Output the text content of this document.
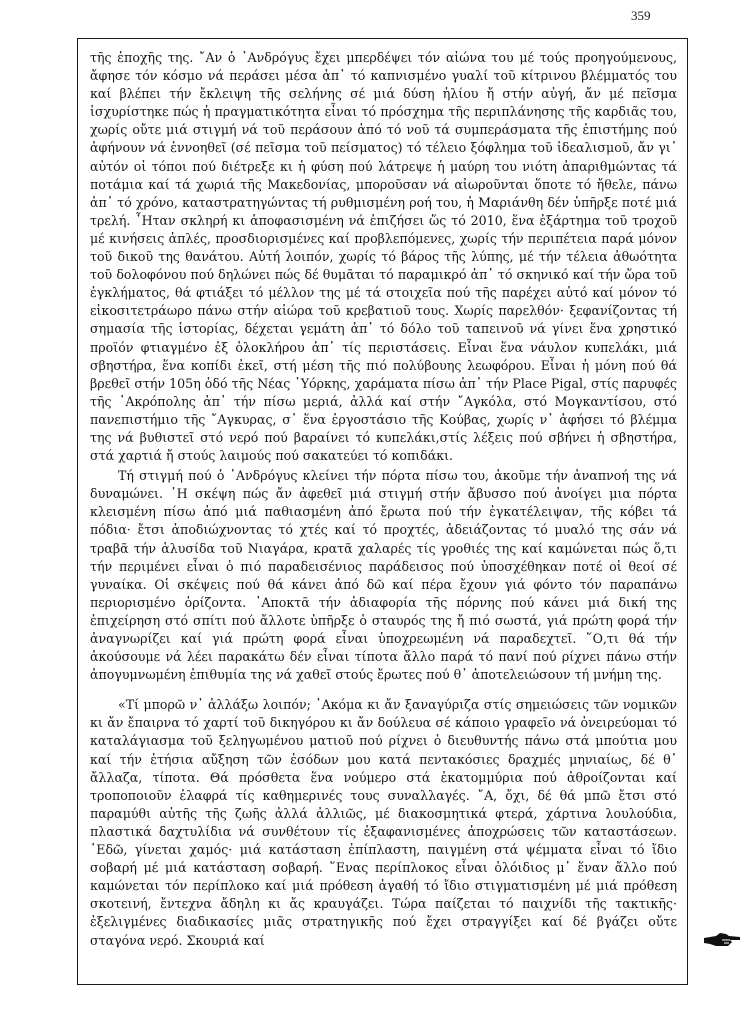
359

τῆς ἐποχῆς της. ῎Αν ὁ ᾿Ανδρόγυς ἔχει μπερδέψει τόν αἰώνα του μέ τούς προηγούμενους, ἄφησε τόν κόσμο νά περάσει μέσα ἀπ᾿ τό καπνισμένο γυαλί τοῦ κίτρινου βλέμματός του καί βλέπει τήν ἔκλειψη τῆς σελήνης σέ μιά δύση ἡλίου ἤ στήν αὐγή, ἄν μέ πεῖσμα ἰσχυρίστηκε πώς ἡ πραγματικότητα εἶναι τό πρόσχημα τῆς περιπλάνησης τῆς καρδιᾶς του, χωρίς οὔτε μιά στιγμή νά τοῦ περάσουν ἀπό τό νοῦ τά συμπεράσματα τῆς ἐπιστήμης πού ἀφήνουν νά ἐννοηθεῖ (σέ πεῖσμα τοῦ πείσματος) τό τέλειο ξόφλημα τοῦ ἰδεαλισμοῦ, ἄν γι᾿ αὐτόν οἱ τόποι πού διέτρεξε κι ἡ φύση πού λάτρεψε ἡ μαύρη του νιότη ἀπαριθμώντας τά ποτάμια καί τά χωριά τῆς Μακεδονίας, μποροῦσαν νά αἰωροῦνται ὅποτε τό ἤθελε, πάνω ἀπ᾿ τό χρόνο, καταστρατηγώντας τή ρυθμισμένη ροή του, ἡ Μαριάνθη δέν ὑπῆρξε ποτέ μιά τρελή. ῏Ηταν σκληρή κι ἀποφασισμένη νά ἐπιζήσει ὥς τό 2010, ἕνα ἐξάρτημα τοῦ τροχοῦ μέ κινήσεις ἁπλές, προσδιορισμένες καί προβλεπόμενες, χωρίς τήν περιπέτεια παρά μόνον τοῦ δικοῦ της θανάτου. Αὐτή λοιπόν, χωρίς τό βάρος τῆς λύπης, μέ τήν τέλεια ἀθωότητα τοῦ δολοφόνου πού δηλώνει πώς δέ θυμᾶται τό παραμικρό ἀπ᾿ τό σκηνικό καί τήν ὥρα τοῦ ἐγκλήματος, θά φτιάξει τό μέλλον της μέ τά στοιχεῖα πού τῆς παρέχει αὐτό καί μόνον τό εἰκοσιτετράωρο πάνω στήν αἰώρα τοῦ κρεβατιοῦ τους. Χωρίς παρελθόν· ξεφανίζοντας τή σημασία τῆς ἱστορίας, δέχεται γεμάτη ἀπ᾿ τό δόλο τοῦ ταπεινοῦ νά γίνει ἕνα χρηστικό προϊόν φτιαγμένο ἐξ ὁλοκλήρου ἀπ᾿ τίς περιστάσεις. Εἶναι ἕνα νάυλον κυπελάκι, μιά σβηστήρα, ἕνα κοπίδι ἐκεῖ, στή μέση τῆς πιό πολύβουης λεωφόρου. Εἶναι ἡ μόνη πού θά βρεθεῖ στήν 105η ὁδό τῆς Νέας ῾Υόρκης, χαράματα πίσω ἀπ᾿ τήν Place Pigal, στίς παρυφές τῆς ᾿Ακρόπολης ἀπ᾿ τήν πίσω μεριά, ἀλλά καί στήν ῎Αγκόλα, στό Μογκαντίσου, στό πανεπιστήμιο τῆς ῎Αγκυρας, σ᾿ ἕνα ἐργοστάσιο τῆς Κούβας, χωρίς ν᾿ ἀφήσει τό βλέμμα της νά βυθιστεῖ στό νερό πού βαραίνει τό κυπελάκι,στίς λέξεις πού σβήνει ἡ σβηστήρα, στά χαρτιά ἤ στούς λαιμούς πού σακατεύει τό κοπιδάκι.

Τή στιγμή πού ὁ ᾿Ανδρόγυς κλείνει τήν πόρτα πίσω του, ἀκοῦμε τήν ἀναπνοή της νά δυναμώνει. ῾Η σκέψη πώς ἄν ἀφεθεῖ μιά στιγμή στήν ἄβυσσο πού ἀνοίγει μια πόρτα κλεισμένη πίσω ἀπό μιά παθιασμένη ἀπό ἔρωτα πού τήν ἐγκατέλειψαν, τῆς κόβει τά πόδια· ἔτσι ἀποδιώχνοντας τό χτές καί τό προχτές, ἀδειάζοντας τό μυαλό της σάν νά τραβᾶ τήν ἁλυσίδα τοῦ Νιαγάρα, κρατᾶ χαλαρές τίς γροθιές της καί καμώνεται πώς ὅ,τι τήν περιμένει εἶναι ὁ πιό παραδεισένιος παράδεισος πού ὑποσχέθηκαν ποτέ οἱ θεοί σέ γυναίκα. Οἱ σκέψεις πού θά κάνει ἀπό δῶ καί πέρα ἔχουν γιά φόντο τόν παραπάνω περιορισμένο ὁρίζοντα. ᾿Αποκτᾶ τήν ἀδιαφορία τῆς πόρνης πού κάνει μιά δική της ἐπιχείρηση στό σπίτι πού ἄλλοτε ὑπῆρξε ὁ σταυρός της ἤ πιό σωστά, γιά πρώτη φορά τήν ἀναγνωρίζει καί γιά πρώτη φορά εἶναι ὑποχρεωμένη νά παραδεχτεῖ. ῞Ο,τι θά τήν ἀκούσουμε νά λέει παρακάτω δέν εἶναι τίποτα ἄλλο παρά τό πανί πού ρίχνει πάνω στήν ἀπογυμνωμένη ἐπιθυμία της νά χαθεῖ στούς ἔρωτες πού θ᾿ ἀποτελειώσουν τή μνήμη της.

«Τί μπορῶ ν᾿ ἀλλάξω λοιπόν; ᾿Ακόμα κι ἄν ξαναγύριζα στίς σημειώσεις τῶν νομικῶν κι ἄν ἔπαιρνα τό χαρτί τοῦ δικηγόρου κι ἄν δούλευα σέ κάποιο γραφεῖο νά ὀνειρεύομαι τό καταλάγιασμα τοῦ ξεληγωμένου ματιοῦ πού ρίχνει ὁ διευθυντής πάνω στά μπούτια μου καί τήν ἐτήσια αὔξηση τῶν ἐσόδων μου κατά πεντακόσιες δραχμές μηνιαίως, δέ θ᾿ ἄλλαζα, τίποτα. Θά πρόσθετα ἕνα νούμερο στά ἑκατομμύρια πού ἀθροίζονται καί τροποποιοῦν ἐλαφρά τίς καθημερινές τους συναλλαγές. ῎Α, ὄχι, δέ θά μπῶ ἔτσι στό παραμύθι αὐτῆς τῆς ζωῆς ἀλλά ἀλλιῶς, μέ διακοσμητικά φτερά, χάρτινα λουλούδια, πλαστικά δαχτυλίδια νά συνθέτουν τίς ἐξαφανισμένες ἀποχρώσεις τῶν καταστάσεων. ᾿Εδῶ, γίνεται χαμός· μιά κατάσταση ἐπίπλαστη, παιγμένη στά ψέμματα εἶναι τό ἴδιο σοβαρή μέ μιά κατάσταση σοβαρή. ῞Ενας περίπλοκος εἶναι ὁλόιδιος μ᾿ ἕναν ἄλλο πού καμώνεται τόν περίπλοκο καί μιά πρόθεση ἀγαθή τό ἴδιο στιγματισμένη μέ μιά πρόθεση σκοτεινή, ἔντεχνα ἄδηλη κι ἄς κραυγάζει. Τώρα παίζεται τό παιχνίδι τῆς τακτικῆς· ἐξελιγμένες διαδικασίες μιᾶς στρατηγικῆς πού ἔχει στραγγίξει καί δέ βγάζει οὔτε σταγόνα νερό. Σκουριά καί
